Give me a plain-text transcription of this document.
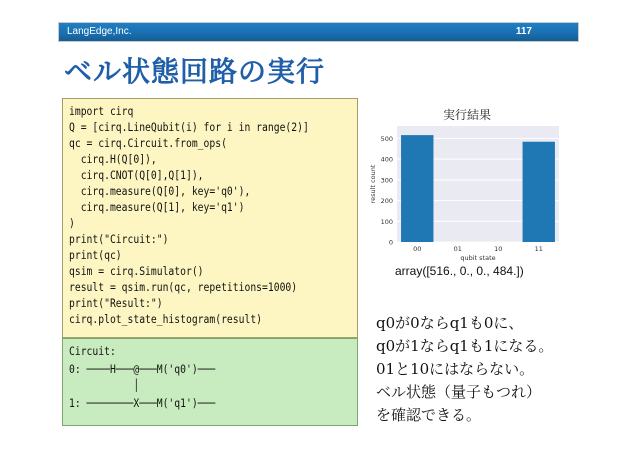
LangEdge,Inc.	117
ベル状態回路の実行
import cirq
Q = [cirq.LineQubit(i) for i in range(2)]
qc = cirq.Circuit.from_ops(
cirq.H(Q[0]),
cirq.CNOT(Q[0],Q[1]),
cirq.measure(Q[0], key='q0'),
cirq.measure(Q[1], key='q1')
)
print("Circuit:")
print(qc)
qsim = cirq.Simulator()
result = qsim.run(qc, repetitions=1000)
print("Result:")
cirq.plot_state_histogram(result)
Circuit:
0: ────H───@───M('q0')───
│
1: ────────X───M('q1')───
実行結果
0
100
200
300
400
500
00	01	10	11
qubit state
result count
array([516., 0., 0., 484.])
q0が0ならq1も0に、
q0が1ならq1も1になる。
01と10にはならない。
ベル状態（量子もつれ）
を確認できる。
